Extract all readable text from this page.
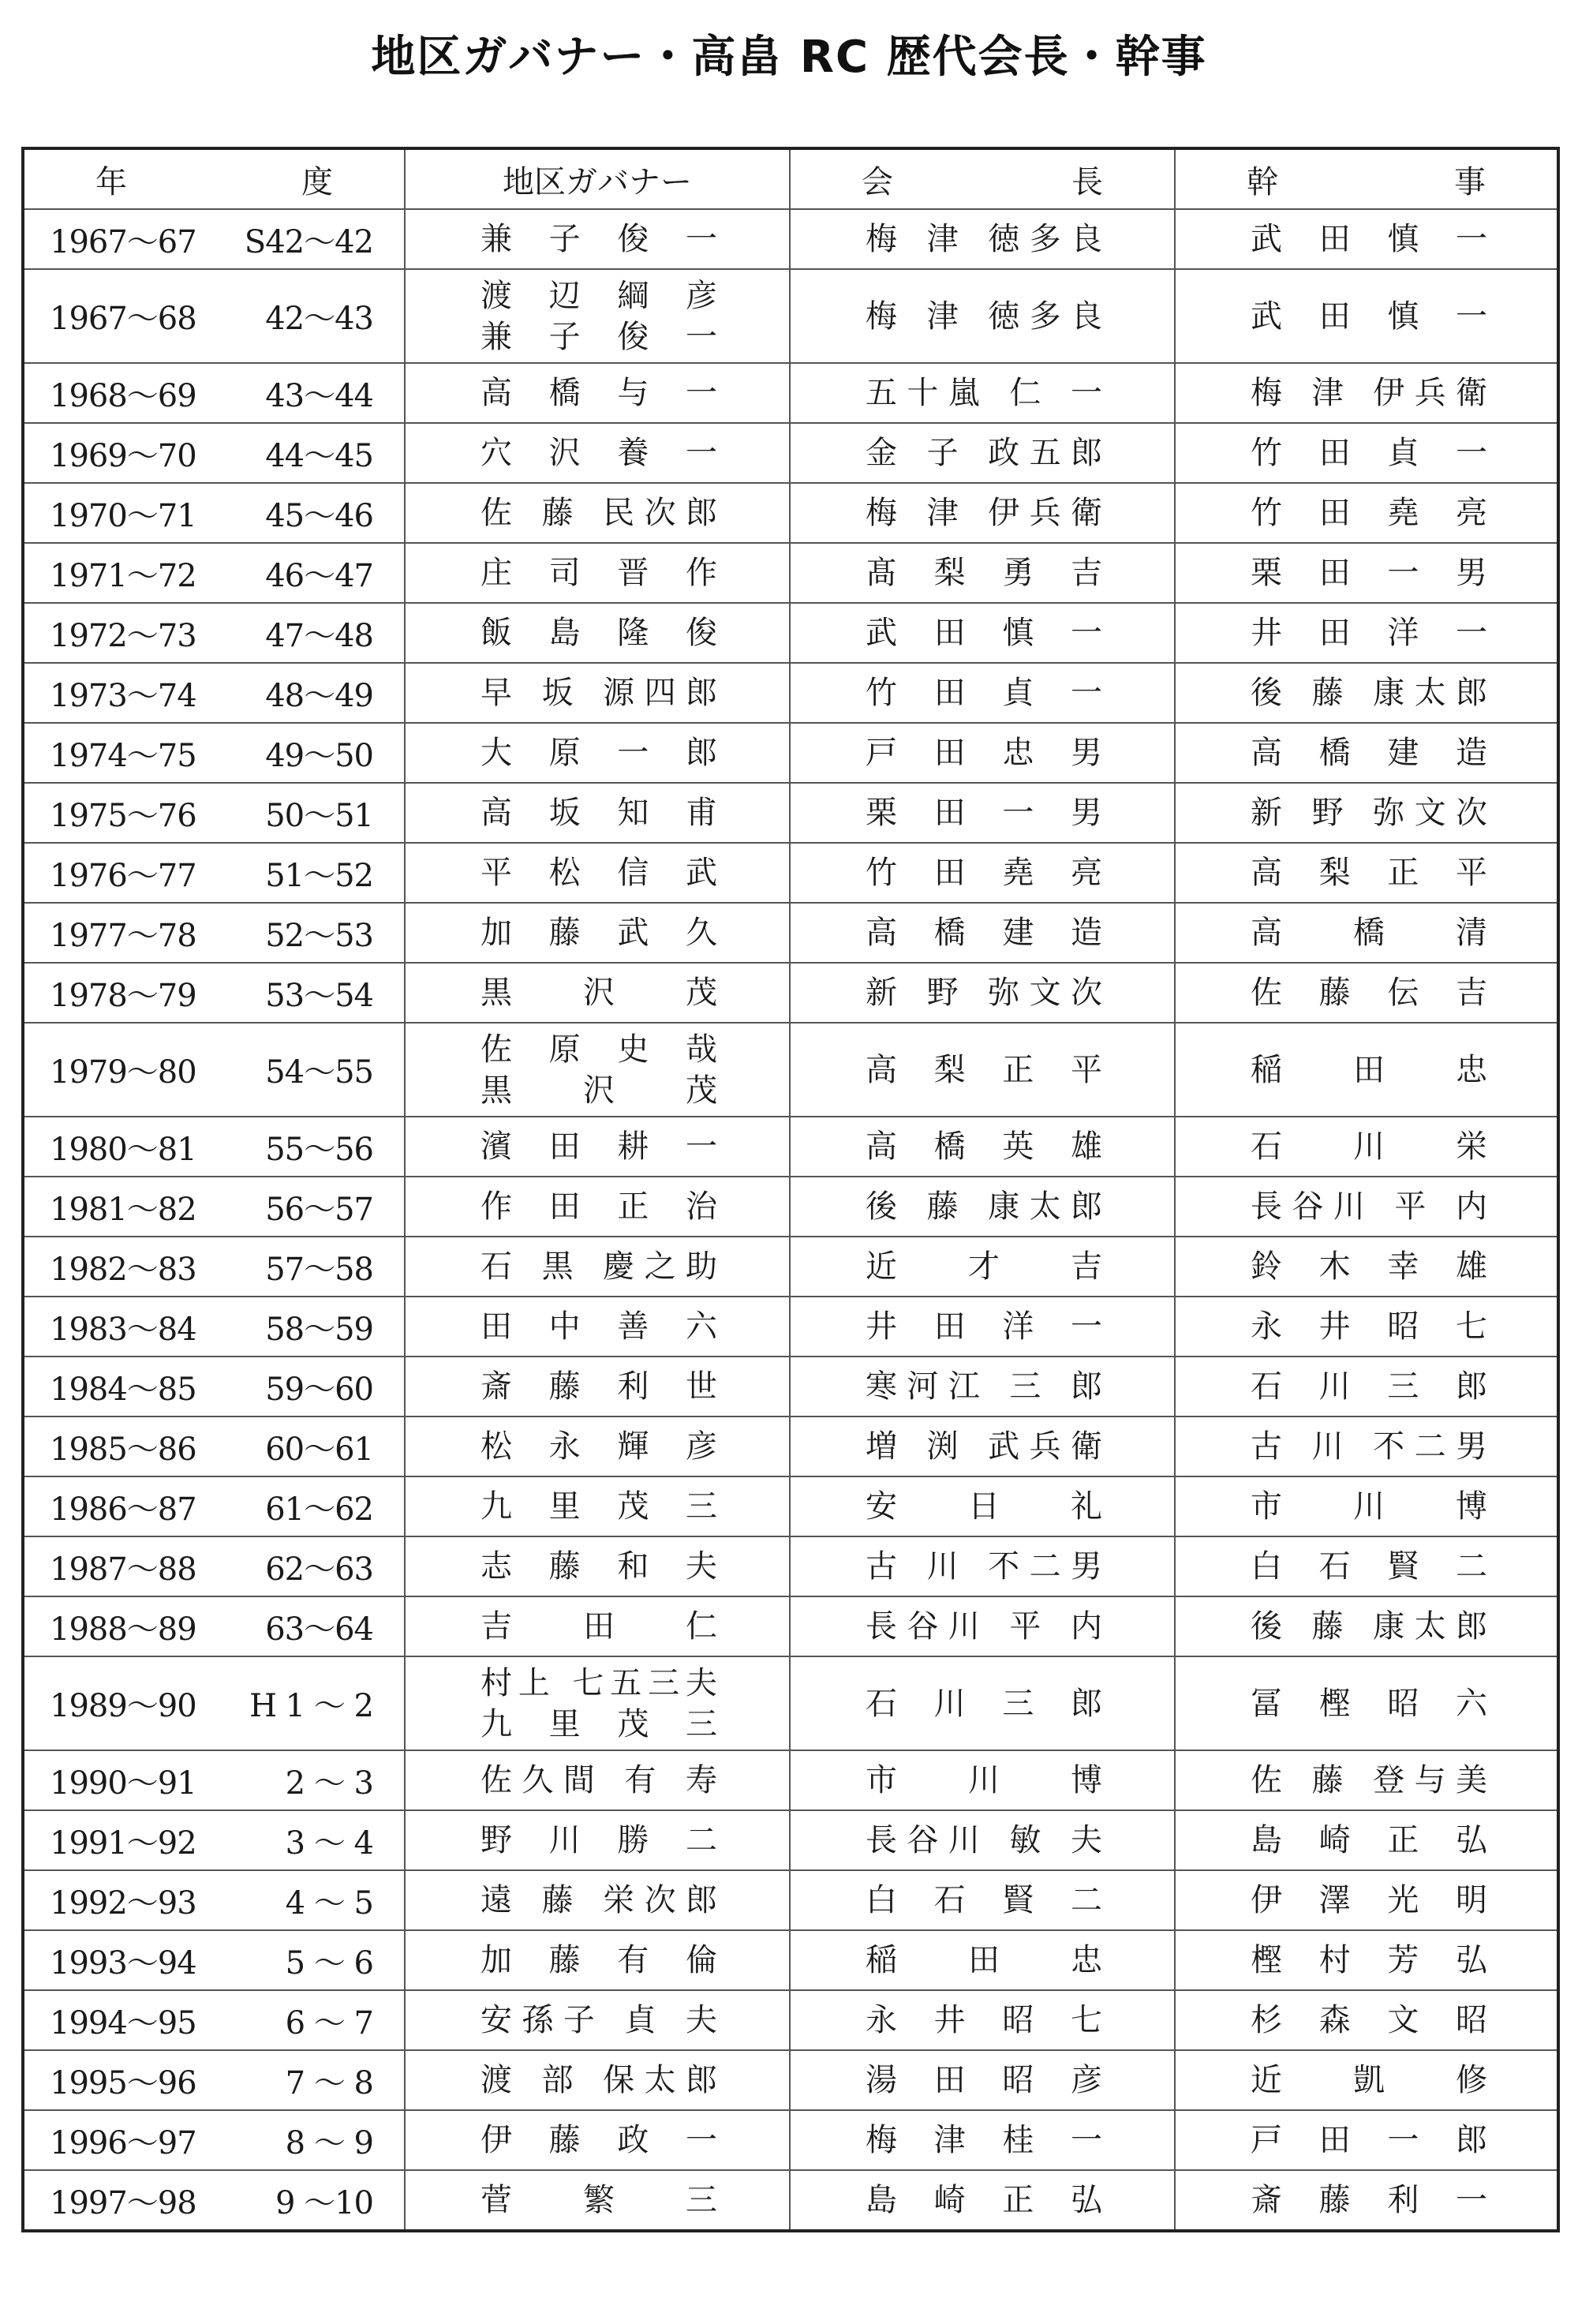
地区ガバナー・高畠 RC 歴代会長・幹事
年 度	地区ガバナー	会 長	幹 事

1967～67 S42～42	兼 子 俊 一	梅 津 徳多良	武 田 慎 一

1967～68 42～43	渡 辺 綱 彦
兼 子 俊 一	梅 津 徳多良	武 田 慎 一

1968～69 43～44	高 橋 与 一	五十嵐 仁 一	梅 津 伊兵衛

1969～70 44～45	穴 沢 養 一	金 子 政五郎	竹 田 貞 一

1970～71 45～46	佐 藤 民次郎	梅 津 伊兵衛	竹 田 堯 亮

1971～72 46～47	庄 司 晋 作	髙 梨 勇 吉	栗 田 一 男

1972～73 47～48	飯 島 隆 俊	武 田 慎 一	井 田 洋 一

1973～74 48～49	早 坂 源四郎	竹 田 貞 一	後 藤 康太郎

1974～75 49～50	大 原 一 郎	戸 田 忠 男	高 橋 建 造

1975～76 50～51	高 坂 知 甫	栗 田 一 男	新 野 弥文次

1976～77 51～52	平 松 信 武	竹 田 堯 亮	高 梨 正 平

1977～78 52～53	加 藤 武 久	高 橋 建 造	高 橋 清

1978～79 53～54	黒 沢 茂	新 野 弥文次	佐 藤 伝 吉

1979～80 54～55	佐 原 史 哉
黒 沢 茂	高 梨 正 平	稲 田 忠

1980～81 55～56	濱 田 耕 一	高 橋 英 雄	石 川 栄

1981～82 56～57	作 田 正 治	後 藤 康太郎	長谷川 平 内

1982～83 57～58	石 黒 慶之助	近 才 吉	鈴 木 幸 雄

1983～84 58～59	田 中 善 六	井 田 洋 一	永 井 昭 七

1984～85 59～60	斎 藤 利 世	寒河江 三 郎	石 川 三 郎

1985～86 60～61	松 永 輝 彦	増 渕 武兵衛	古 川 不二男

1986～87 61～62	九 里 茂 三	安 日 礼	市 川 博

1987～88 62～63	志 藤 和 夫	古 川 不二男	白 石 賢 二

1988～89 63～64	吉 田 仁	長谷川 平 内	後 藤 康太郎

1989～90 H 1 ～ 2	村上 七五三夫
九 里 茂 三	石 川 三 郎	冨 樫 昭 六

1990～91 2 ～ 3	佐久間 有 寿	市 川 博	佐 藤 登与美

1991～92 3 ～ 4	野 川 勝 二	長谷川 敏 夫	島 崎 正 弘

1992～93 4 ～ 5	遠 藤 栄次郎	白 石 賢 二	伊 澤 光 明

1993～94 5 ～ 6	加 藤 有 倫	稲 田 忠	樫 村 芳 弘

1994～95 6 ～ 7	安孫子 貞 夫	永 井 昭 七	杉 森 文 昭

1995～96 7 ～ 8	渡 部 保太郎	湯 田 昭 彦	近 凱 修

1996～97 8 ～ 9	伊 藤 政 一	梅 津 桂 一	戸 田 一 郎

1997～98 9 ～10	菅 繁 三	島 崎 正 弘	斎 藤 利 一
